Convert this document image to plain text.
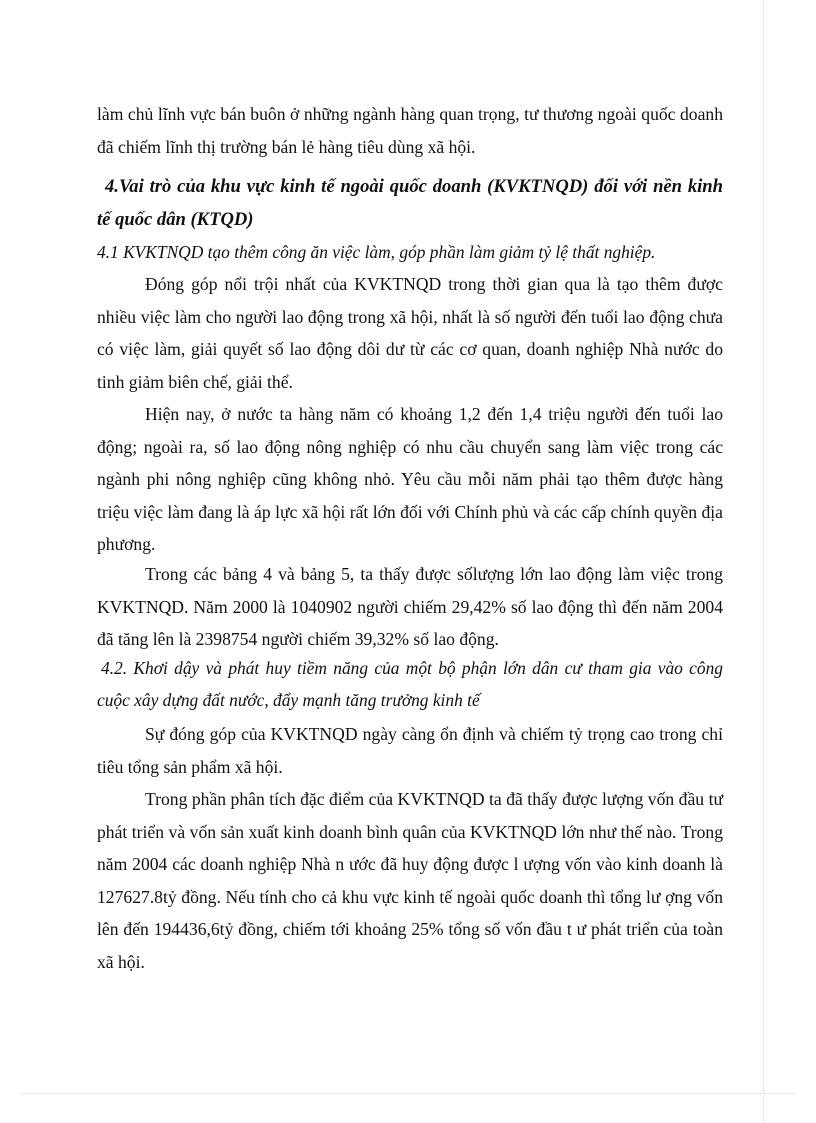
làm chủ lĩnh vực bán buôn ở những ngành hàng quan trọng, tư thương ngoài quốc doanh đã chiếm lĩnh thị trường bán lẻ hàng tiêu dùng xã hội.

4.Vai trò của khu vực kinh tế ngoài quốc doanh (KVKTNQD) đối với nền kinh tế quốc dân (KTQD)

4.1 KVKTNQD tạo thêm công ăn việc làm, góp phần làm giảm tỷ lệ thất nghiệp.

Đóng góp nổi trội nhất của KVKTNQD trong thời gian qua là tạo thêm được nhiều việc làm cho người lao động trong xã hội, nhất là số người đến tuổi lao động chưa có việc làm, giải quyết số lao động dôi dư từ các cơ quan, doanh nghiệp Nhà nước do tinh giảm biên chế, giải thể.

Hiện nay, ở nước ta hàng năm có khoảng 1,2 đến 1,4 triệu người đến tuổi lao động; ngoài ra, số lao động nông nghiệp có nhu cầu chuyển sang làm việc trong các ngành phi nông nghiệp cũng không nhỏ. Yêu cầu mỗi năm phải tạo thêm được hàng triệu việc làm đang là áp lực xã hội rất lớn đối với Chính phủ và các cấp chính quyền địa phương.

Trong các bảng 4 và bảng 5, ta thấy được sốlượng lớn lao động làm việc trong KVKTNQD. Năm 2000 là 1040902 người chiếm 29,42% số lao động thì đến năm 2004 đã tăng lên là 2398754 người chiếm 39,32% số lao động.

4.2. Khơi dậy và phát huy tiềm năng của một bộ phận lớn dân cư tham gia vào công cuộc xây dựng đất nước, đẩy mạnh tăng trưởng kinh tế

Sự đóng góp của KVKTNQD ngày càng ổn định và chiếm tỷ trọng cao trong chỉ tiêu tổng sản phẩm xã hội.

Trong phần phân tích đặc điểm của KVKTNQD ta đã thấy được lượng vốn đầu tư phát triển và vốn sản xuất kinh doanh bình quân của KVKTNQD lớn như thế nào. Trong năm 2004 các doanh nghiệp Nhà n ước đã huy động được l ượng vốn vào kinh doanh là 127627.8tỷ đồng. Nếu tính cho cả khu vực kinh tế ngoài quốc doanh thì tổng lư ợng vốn lên đến 194436,6tỷ đồng, chiếm tới khoảng 25% tổng số vốn đầu t ư phát triển của toàn xã hội.
